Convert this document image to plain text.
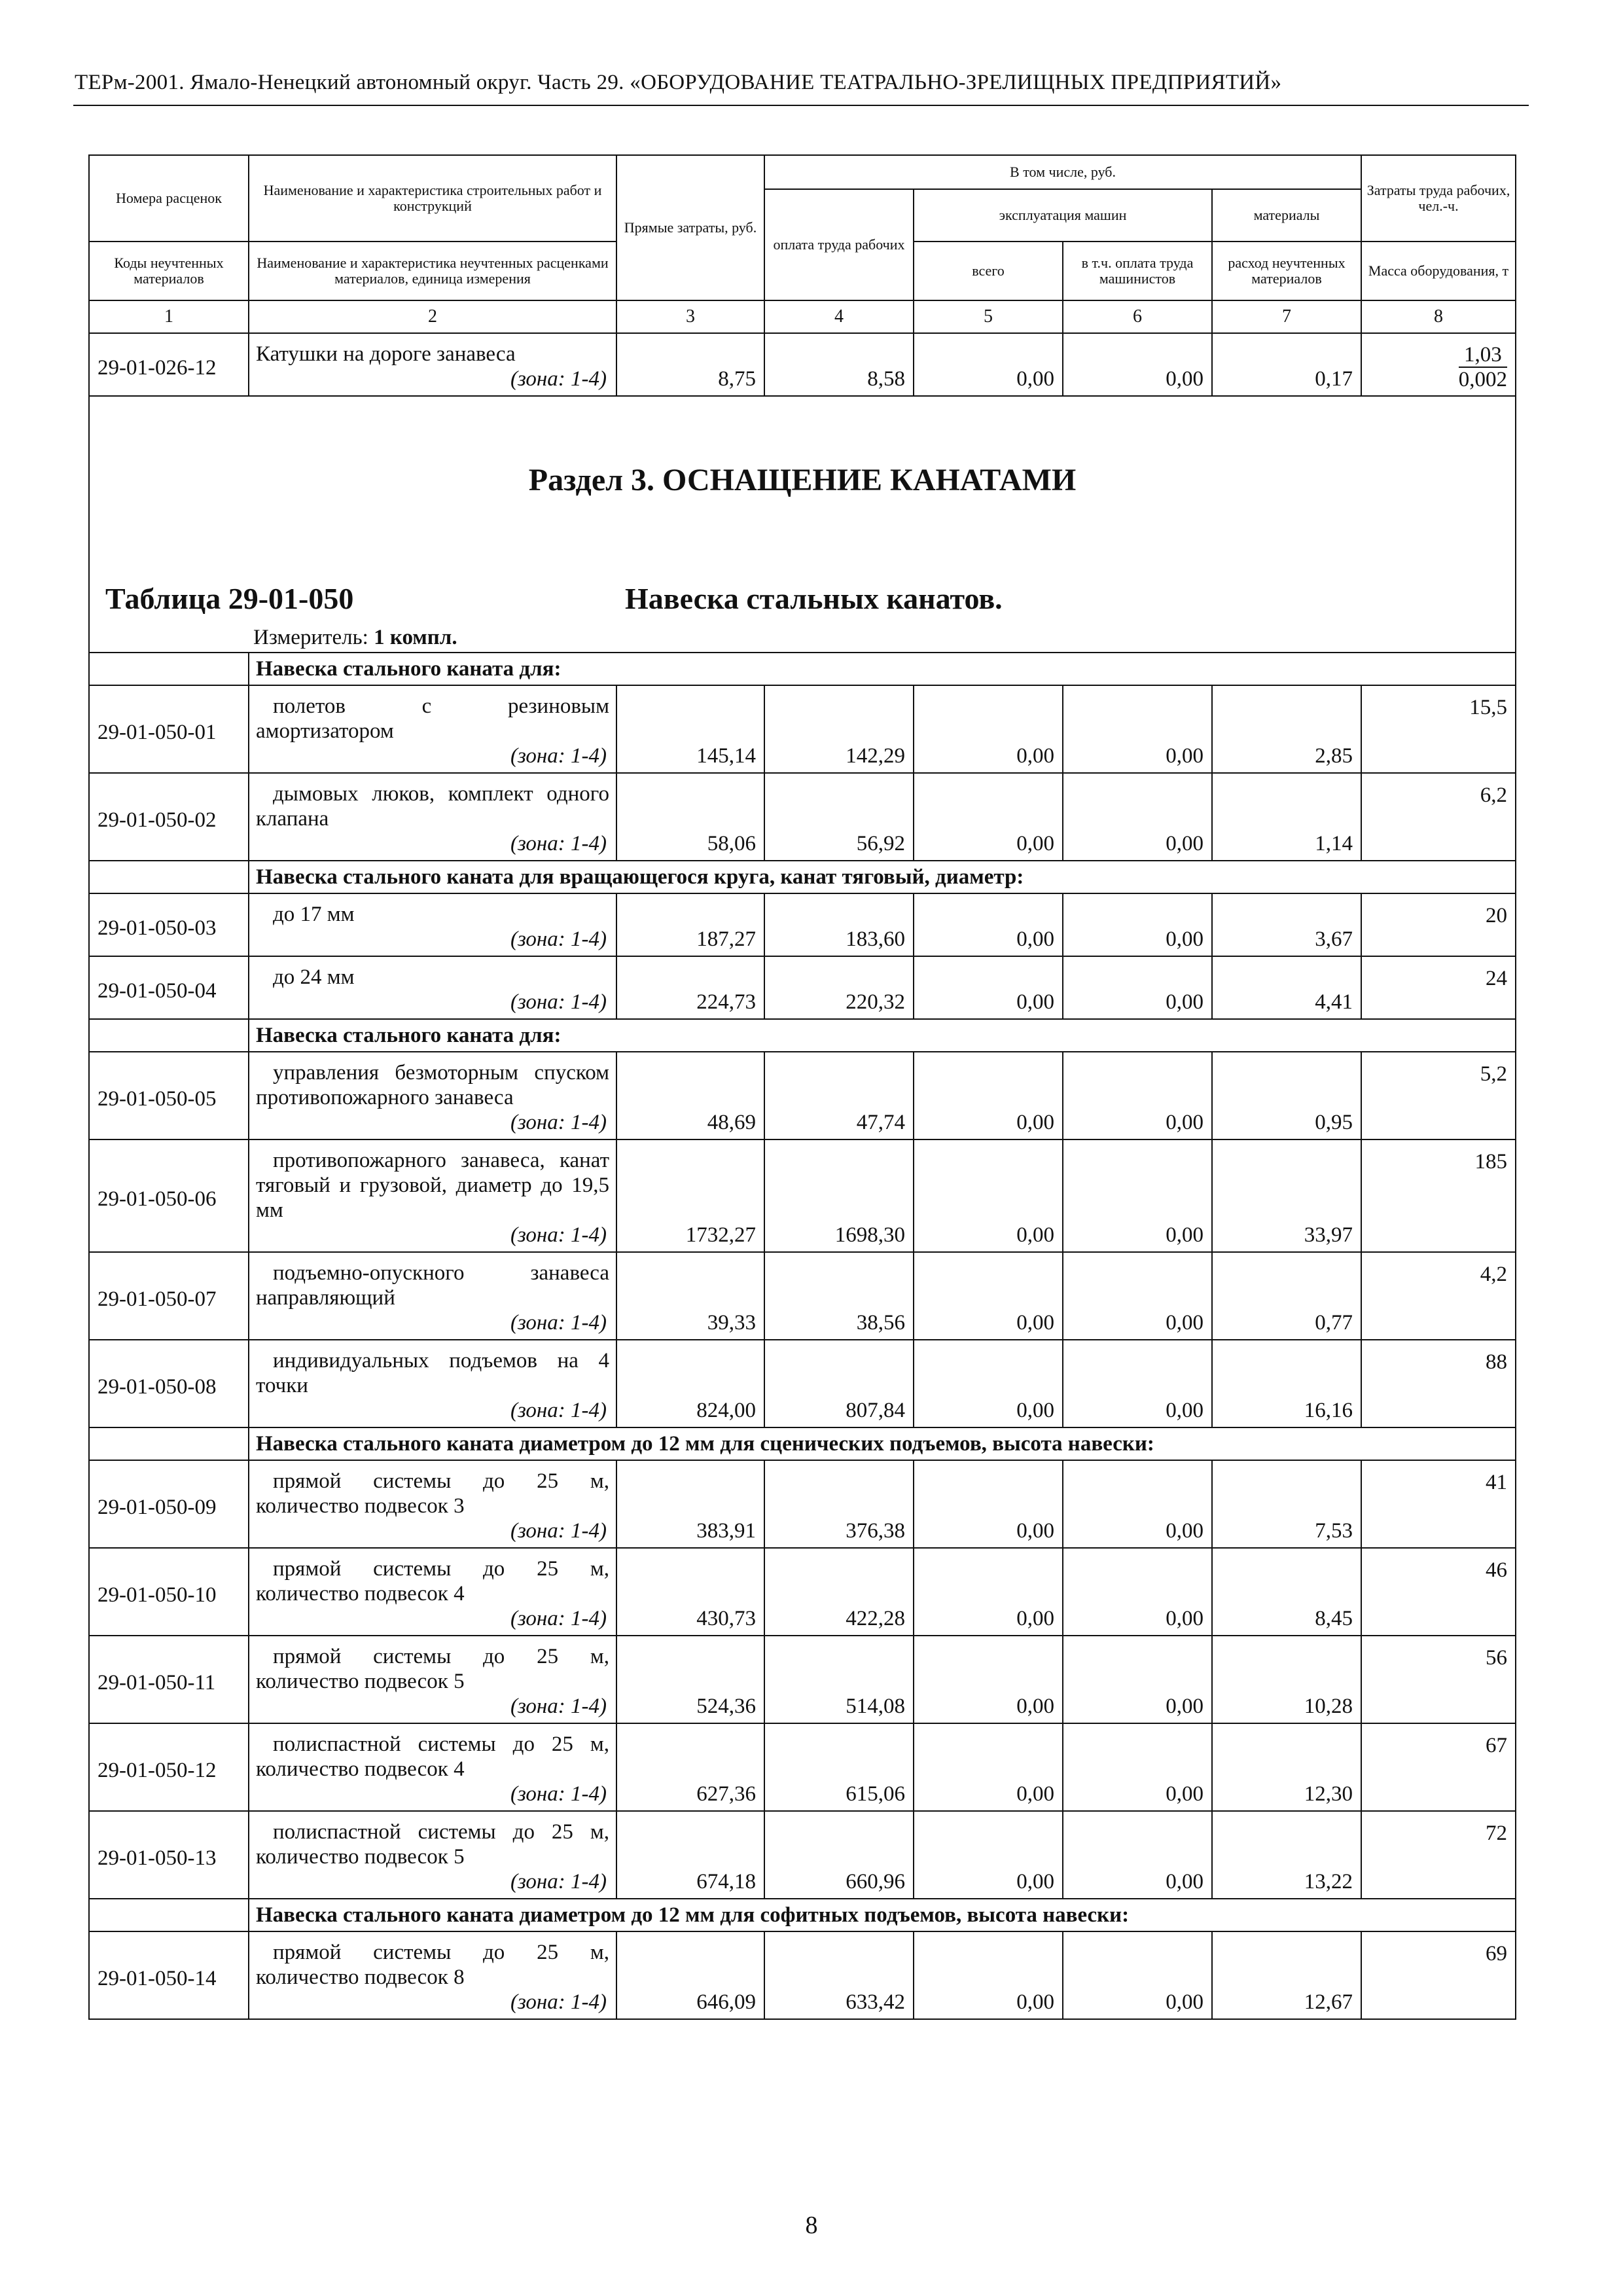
ТЕРм-2001. Ямало-Ненецкий автономный округ. Часть 29. «ОБОРУДОВАНИЕ ТЕАТРАЛЬНО-ЗРЕЛИЩНЫХ ПРЕДПРИЯТИЙ»
Номера расценок	Наименование и характеристика строительных работ и конструкций	Прямые затраты, руб.	В том числе, руб.				Затраты труда рабочих, чел.-ч.
			оплата труда рабочих	эксплуатация машин		материалы	
Коды неучтенных материалов	Наименование и характеристика неучтенных расценками материалов, единица измерения			всего	в т.ч. оплата труда машинистов	расход неучтенных материалов	Масса оборудования, т
1	2	3	4	5	6	7	8
29-01-026-12	Катушки на дороге занавеса						$\frac{1,03}{0,002}$
	(зона: 1-4)	8,75	8,58	0,00	0,00	0,17	

Раздел 3. ОСНАЩЕНИЕ КАНАТАМИ
Таблица 29-01-050 Навеска стальных канатов.
Измеритель: 1 компл.							

	Навеска стального каната для:						
29-01-050-01	полетов с резиновым амортизатором						15,5
	(зона: 1-4)	145,14	142,29	0,00	0,00	2,85	
29-01-050-02	дымовых люков, комплект одного клапана						6,2
	(зона: 1-4)	58,06	56,92	0,00	0,00	1,14	
	Навеска стального каната для вращающегося круга, канат тяговый, диаметр:						
29-01-050-03	до 17 мм						20
	(зона: 1-4)	187,27	183,60	0,00	0,00	3,67	
29-01-050-04	до 24 мм						24
	(зона: 1-4)	224,73	220,32	0,00	0,00	4,41	
	Навеска стального каната для:						
29-01-050-05	управления безмоторным спуском противопожарного занавеса						5,2
	(зона: 1-4)	48,69	47,74	0,00	0,00	0,95	
29-01-050-06	противопожарного занавеса, канат тяговый и грузовой, диаметр до 19,5 мм						185
	(зона: 1-4)	1732,27	1698,30	0,00	0,00	33,97	
29-01-050-07	подъемно-опускного занавеса направляющий						4,2
	(зона: 1-4)	39,33	38,56	0,00	0,00	0,77	
29-01-050-08	индивидуальных подъемов на 4 точки						88
	(зона: 1-4)	824,00	807,84	0,00	0,00	16,16	
	Навеска стального каната диаметром до 12 мм для сценических подъемов, высота навески:						
29-01-050-09	прямой системы до 25 м, количество подвесок 3						41
	(зона: 1-4)	383,91	376,38	0,00	0,00	7,53	
29-01-050-10	прямой системы до 25 м, количество подвесок 4						46
	(зона: 1-4)	430,73	422,28	0,00	0,00	8,45	
29-01-050-11	прямой системы до 25 м, количество подвесок 5						56
	(зона: 1-4)	524,36	514,08	0,00	0,00	10,28	
29-01-050-12	полиспастной системы до 25 м, количество подвесок 4						67
	(зона: 1-4)	627,36	615,06	0,00	0,00	12,30	
29-01-050-13	полиспастной системы до 25 м, количество подвесок 5						72
	(зона: 1-4)	674,18	660,96	0,00	0,00	13,22	
	Навеска стального каната диаметром до 12 мм для софитных подъемов, высота навески:						
29-01-050-14	прямой системы до 25 м, количество подвесок 8						69
	(зона: 1-4)	646,09	633,42	0,00	0,00	12,67	
8
